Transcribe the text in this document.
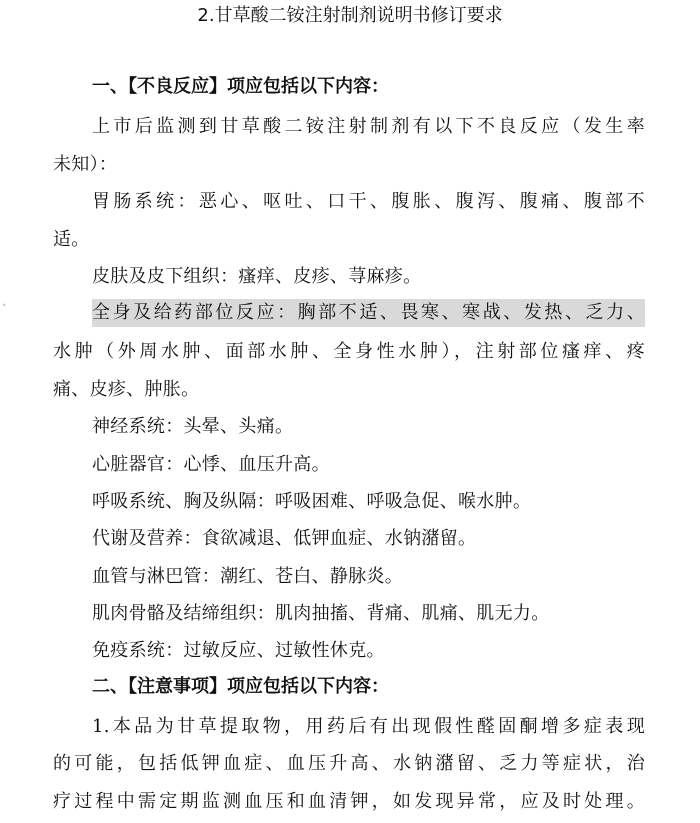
˅
2.甘草酸二铵注射制剂说明书修订要求
一、【不良反应】项应包括以下内容：
上市后监测到甘草酸二铵注射制剂有以下不良反应（发生率
未知）：
胃肠系统：恶心、呕吐、口干、腹胀、腹泻、腹痛、腹部不
适。
皮肤及皮下组织：瘙痒、皮疹、荨麻疹。
全身及给药部位反应：胸部不适、畏寒、寒战、发热、乏力、
水肿（外周水肿、面部水肿、全身性水肿），注射部位瘙痒、疼
痛、皮疹、肿胀。
神经系统：头晕、头痛。
心脏器官：心悸、血压升高。
呼吸系统、胸及纵隔：呼吸困难、呼吸急促、喉水肿。
代谢及营养：食欲减退、低钾血症、水钠潴留。
血管与淋巴管：潮红、苍白、静脉炎。
肌肉骨骼及结缔组织：肌肉抽搐、背痛、肌痛、肌无力。
免疫系统：过敏反应、过敏性休克。
二、【注意事项】项应包括以下内容：
1.本品为甘草提取物，用药后有出现假性醛固酮增多症表现
的可能，包括低钾血症、血压升高、水钠潴留、乏力等症状，治
疗过程中需定期监测血压和血清钾，如发现异常，应及时处理。
